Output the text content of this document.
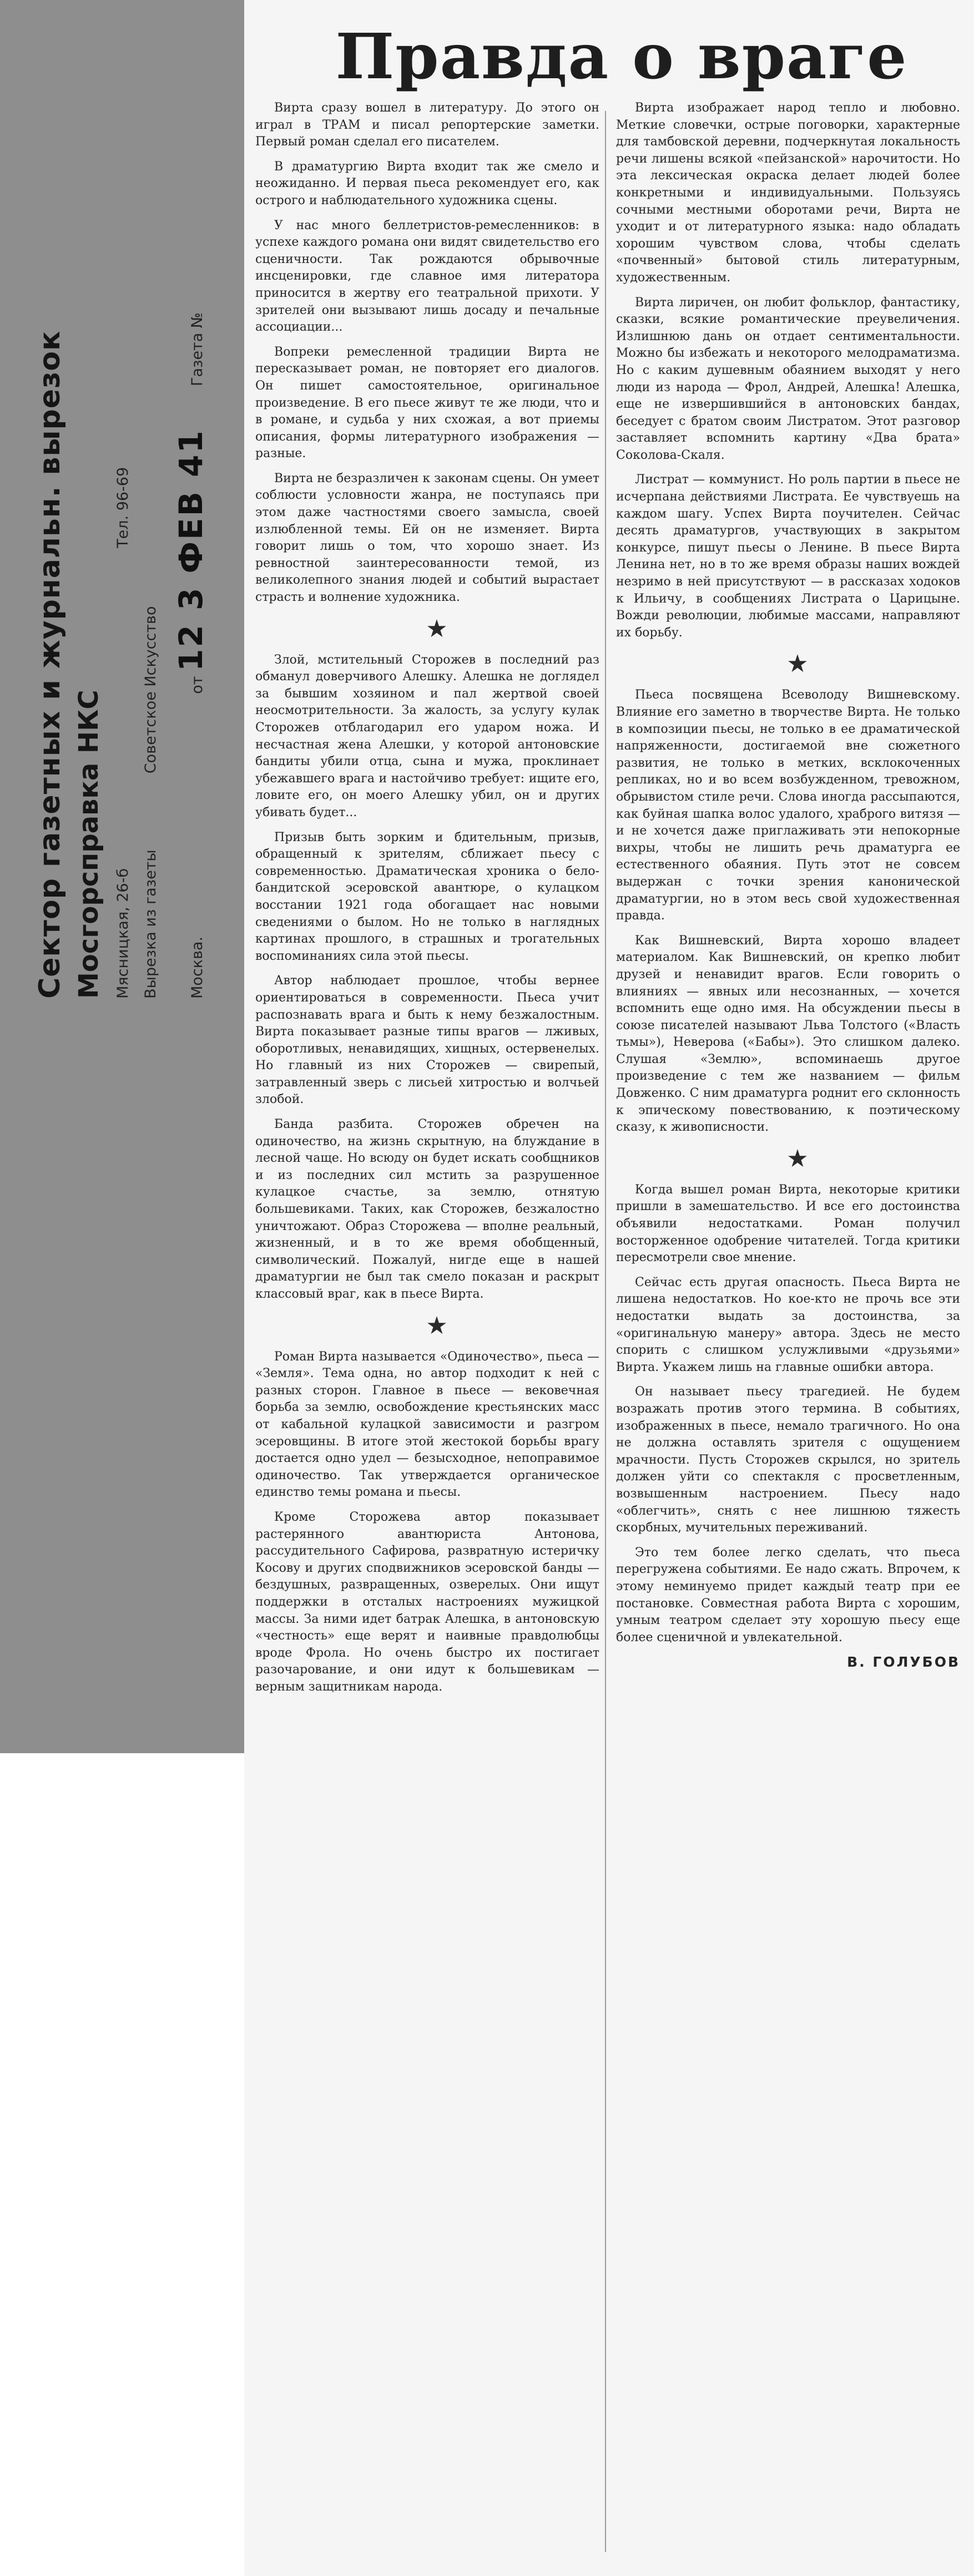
Сектор газетных и журнальн. вырезок Мосгорсправка НКС Мясницкая, 26-б  Тел. 96-69
Вырезка из газеты  Советское Искусство
Москва.  от 12 3 ФЕВ 41  Газета №
Правда о враге

Вирта сразу вошел в литературу. До этого он играл в ТРАМ и писал репортерские заметки. Первый роман сделал его писателем.

В драматургию Вирта входит так же смело и неожиданно. И первая пьеса рекомендует его, как острого и наблюдательного художника сцены.

У нас много беллетристов-ремесленников: в успехе каждого романа они видят свидетельство его сценичности. Так рождаются обрывочные инсценировки, где славное имя литератора приносится в жертву его театральной прихоти. У зрителей они вызывают лишь досаду и печальные ассоциации...

Вопреки ремесленной традиции Вирта не пересказывает роман, не повторяет его диалогов. Он пишет самостоятельное, оригинальное произведение. В его пьесе живут те же люди, что и в романе, и судьба у них схожая, а вот приемы описания, формы литературного изображения — разные.

Вирта не безразличен к законам сцены. Он умеет соблюсти условности жанра, не поступаясь при этом даже частностями своего замысла, своей излюбленной темы. Ей он не изменяет. Вирта говорит лишь о том, что хорошо знает. Из ревностной заинтересованности темой, из великолепного знания людей и событий вырастает страсть и волнение художника.

★

Злой, мстительный Сторожев в последний раз обманул доверчивого Алешку. Алешка не доглядел за бывшим хозяином и пал жертвой своей неосмотрительности. За жалость, за услугу кулак Сторожев отблагодарил его ударом ножа. И несчастная жена Алешки, у которой антоновские бандиты убили отца, сына и мужа, проклинает убежавшего врага и настойчиво требует: ищите его, ловите его, он моего Алешку убил, он и других убивать будет...

Призыв быть зорким и бдительным, призыв, обращенный к зрителям, сближает пьесу с современностью. Драматическая хроника о бело-бандитской эсеровской авантюре, о кулацком восстании 1921 года обогащает нас новыми сведениями о былом. Но не только в наглядных картинах прошлого, в страшных и трогательных воспоминаниях сила этой пьесы.

Автор наблюдает прошлое, чтобы вернее ориентироваться в современности. Пьеса учит распознавать врага и быть к нему безжалостным. Вирта показывает разные типы врагов — лживых, оборотливых, ненавидящих, хищных, остервенелых. Но главный из них Сторожев — свирепый, затравленный зверь с лисьей хитростью и волчьей злобой.

Банда разбита. Сторожев обречен на одиночество, на жизнь скрытную, на блуждание в лесной чаще. Но всюду он будет искать сообщников и из последних сил мстить за разрушенное кулацкое счастье, за землю, отнятую большевиками. Таких, как Сторожев, безжалостно уничтожают. Образ Сторожева — вполне реальный, жизненный, и в то же время обобщенный, символический. Пожалуй, нигде еще в нашей драматургии не был так смело показан и раскрыт классовый враг, как в пьесе Вирта.

★

Роман Вирта называется «Одиночество», пьеса — «Земля». Тема одна, но автор подходит к ней с разных сторон. Главное в пьесе — вековечная борьба за землю, освобождение крестьянских масс от кабальной кулацкой зависимости и разгром эсеровщины. В итоге этой жестокой борьбы врагу достается одно удел — безысходное, непоправимое одиночество. Так утверждается органическое единство темы романа и пьесы.

Кроме Сторожева автор показывает растерянного авантюриста Антонова, рассудительного Сафирова, развратную истеричку Косову и других сподвижников эсеровской банды — бездушных, развращенных, озверелых. Они ищут поддержки в отсталых настроениях мужицкой массы. За ними идет батрак Алешка, в антоновскую «честность» еще верят и наивные правдолюбцы вроде Фрола. Но очень быстро их постигает разочарование, и они идут к большевикам — верным защитникам народа.

Вирта изображает народ тепло и любовно. Меткие словечки, острые поговорки, характерные для тамбовской деревни, подчеркнутая локальность речи лишены всякой «пейзанской» нарочитости. Но эта лексическая окраска делает людей более конкретными и индивидуальными. Пользуясь сочными местными оборотами речи, Вирта не уходит и от литературного языка: надо обладать хорошим чувством слова, чтобы сделать «почвенный» бытовой стиль литературным, художественным.

Вирта лиричен, он любит фольклор, фантастику, сказки, всякие романтические преувеличения. Излишнюю дань он отдает сентиментальности. Можно бы избежать и некоторого мелодраматизма. Но с каким душевным обаянием выходят у него люди из народа — Фрол, Андрей, Алешка! Алешка, еще не извершившийся в антоновских бандах, беседует с братом своим Листратом. Этот разговор заставляет вспомнить картину «Два брата» Соколова-Скаля.

Листрат — коммунист. Но роль партии в пьесе не исчерпана действиями Листрата. Ее чувствуешь на каждом шагу. Успех Вирта поучителен. Сейчас десять драматургов, участвующих в закрытом конкурсе, пишут пьесы о Ленине. В пьесе Вирта Ленина нет, но в то же время образы наших вождей незримо в ней присутствуют — в рассказах ходоков к Ильичу, в сообщениях Листрата о Царицыне. Вожди революции, любимые массами, направляют их борьбу.

★

Пьеса посвящена Всеволоду Вишневскому. Влияние его заметно в творчестве Вирта. Не только в композиции пьесы, не только в ее драматической напряженности, достигаемой вне сюжетного развития, не только в метких, всклокоченных репликах, но и во всем возбужденном, тревожном, обрывистом стиле речи. Слова иногда рассыпаются, как буйная шапка волос удалого, храброго витязя — и не хочется даже приглаживать эти непокорные вихры, чтобы не лишить речь драматурга ее естественного обаяния. Путь этот не совсем выдержан с точки зрения канонической драматургии, но в этом весь свой художественная правда.

Как Вишневский, Вирта хорошо владеет материалом. Как Вишневский, он крепко любит друзей и ненавидит врагов. Если говорить о влияниях — явных или несознанных, — хочется вспомнить еще одно имя. На обсуждении пьесы в союзе писателей называют Льва Толстого («Власть тьмы»), Неверова («Бабы»). Это слишком далеко. Слушая «Землю», вспоминаешь другое произведение с тем же названием — фильм Довженко. С ним драматурга роднит его склонность к эпическому повествованию, к поэтическому сказу, к живописности.

★

Когда вышел роман Вирта, некоторые критики пришли в замешательство. И все его достоинства объявили недостатками. Роман получил восторженное одобрение читателей. Тогда критики пересмотрели свое мнение.

Сейчас есть другая опасность. Пьеса Вирта не лишена недостатков. Но кое-кто не прочь все эти недостатки выдать за достоинства, за «оригинальную манеру» автора. Здесь не место спорить с слишком услужливыми «друзьями» Вирта. Укажем лишь на главные ошибки автора.

Он называет пьесу трагедией. Не будем возражать против этого термина. В событиях, изображенных в пьесе, немало трагичного. Но она не должна оставлять зрителя с ощущением мрачности. Пусть Сторожев скрылся, но зритель должен уйти со спектакля с просветленным, возвышенным настроением. Пьесу надо «облегчить», снять с нее лишнюю тяжесть скорбных, мучительных переживаний.

Это тем более легко сделать, что пьеса перегружена событиями. Ее надо сжать. Впрочем, к этому неминуемо придет каждый театр при ее постановке. Совместная работа Вирта с хорошим, умным театром сделает эту хорошую пьесу еще более сценичной и увлекательной.

В. ГОЛУБОВ
